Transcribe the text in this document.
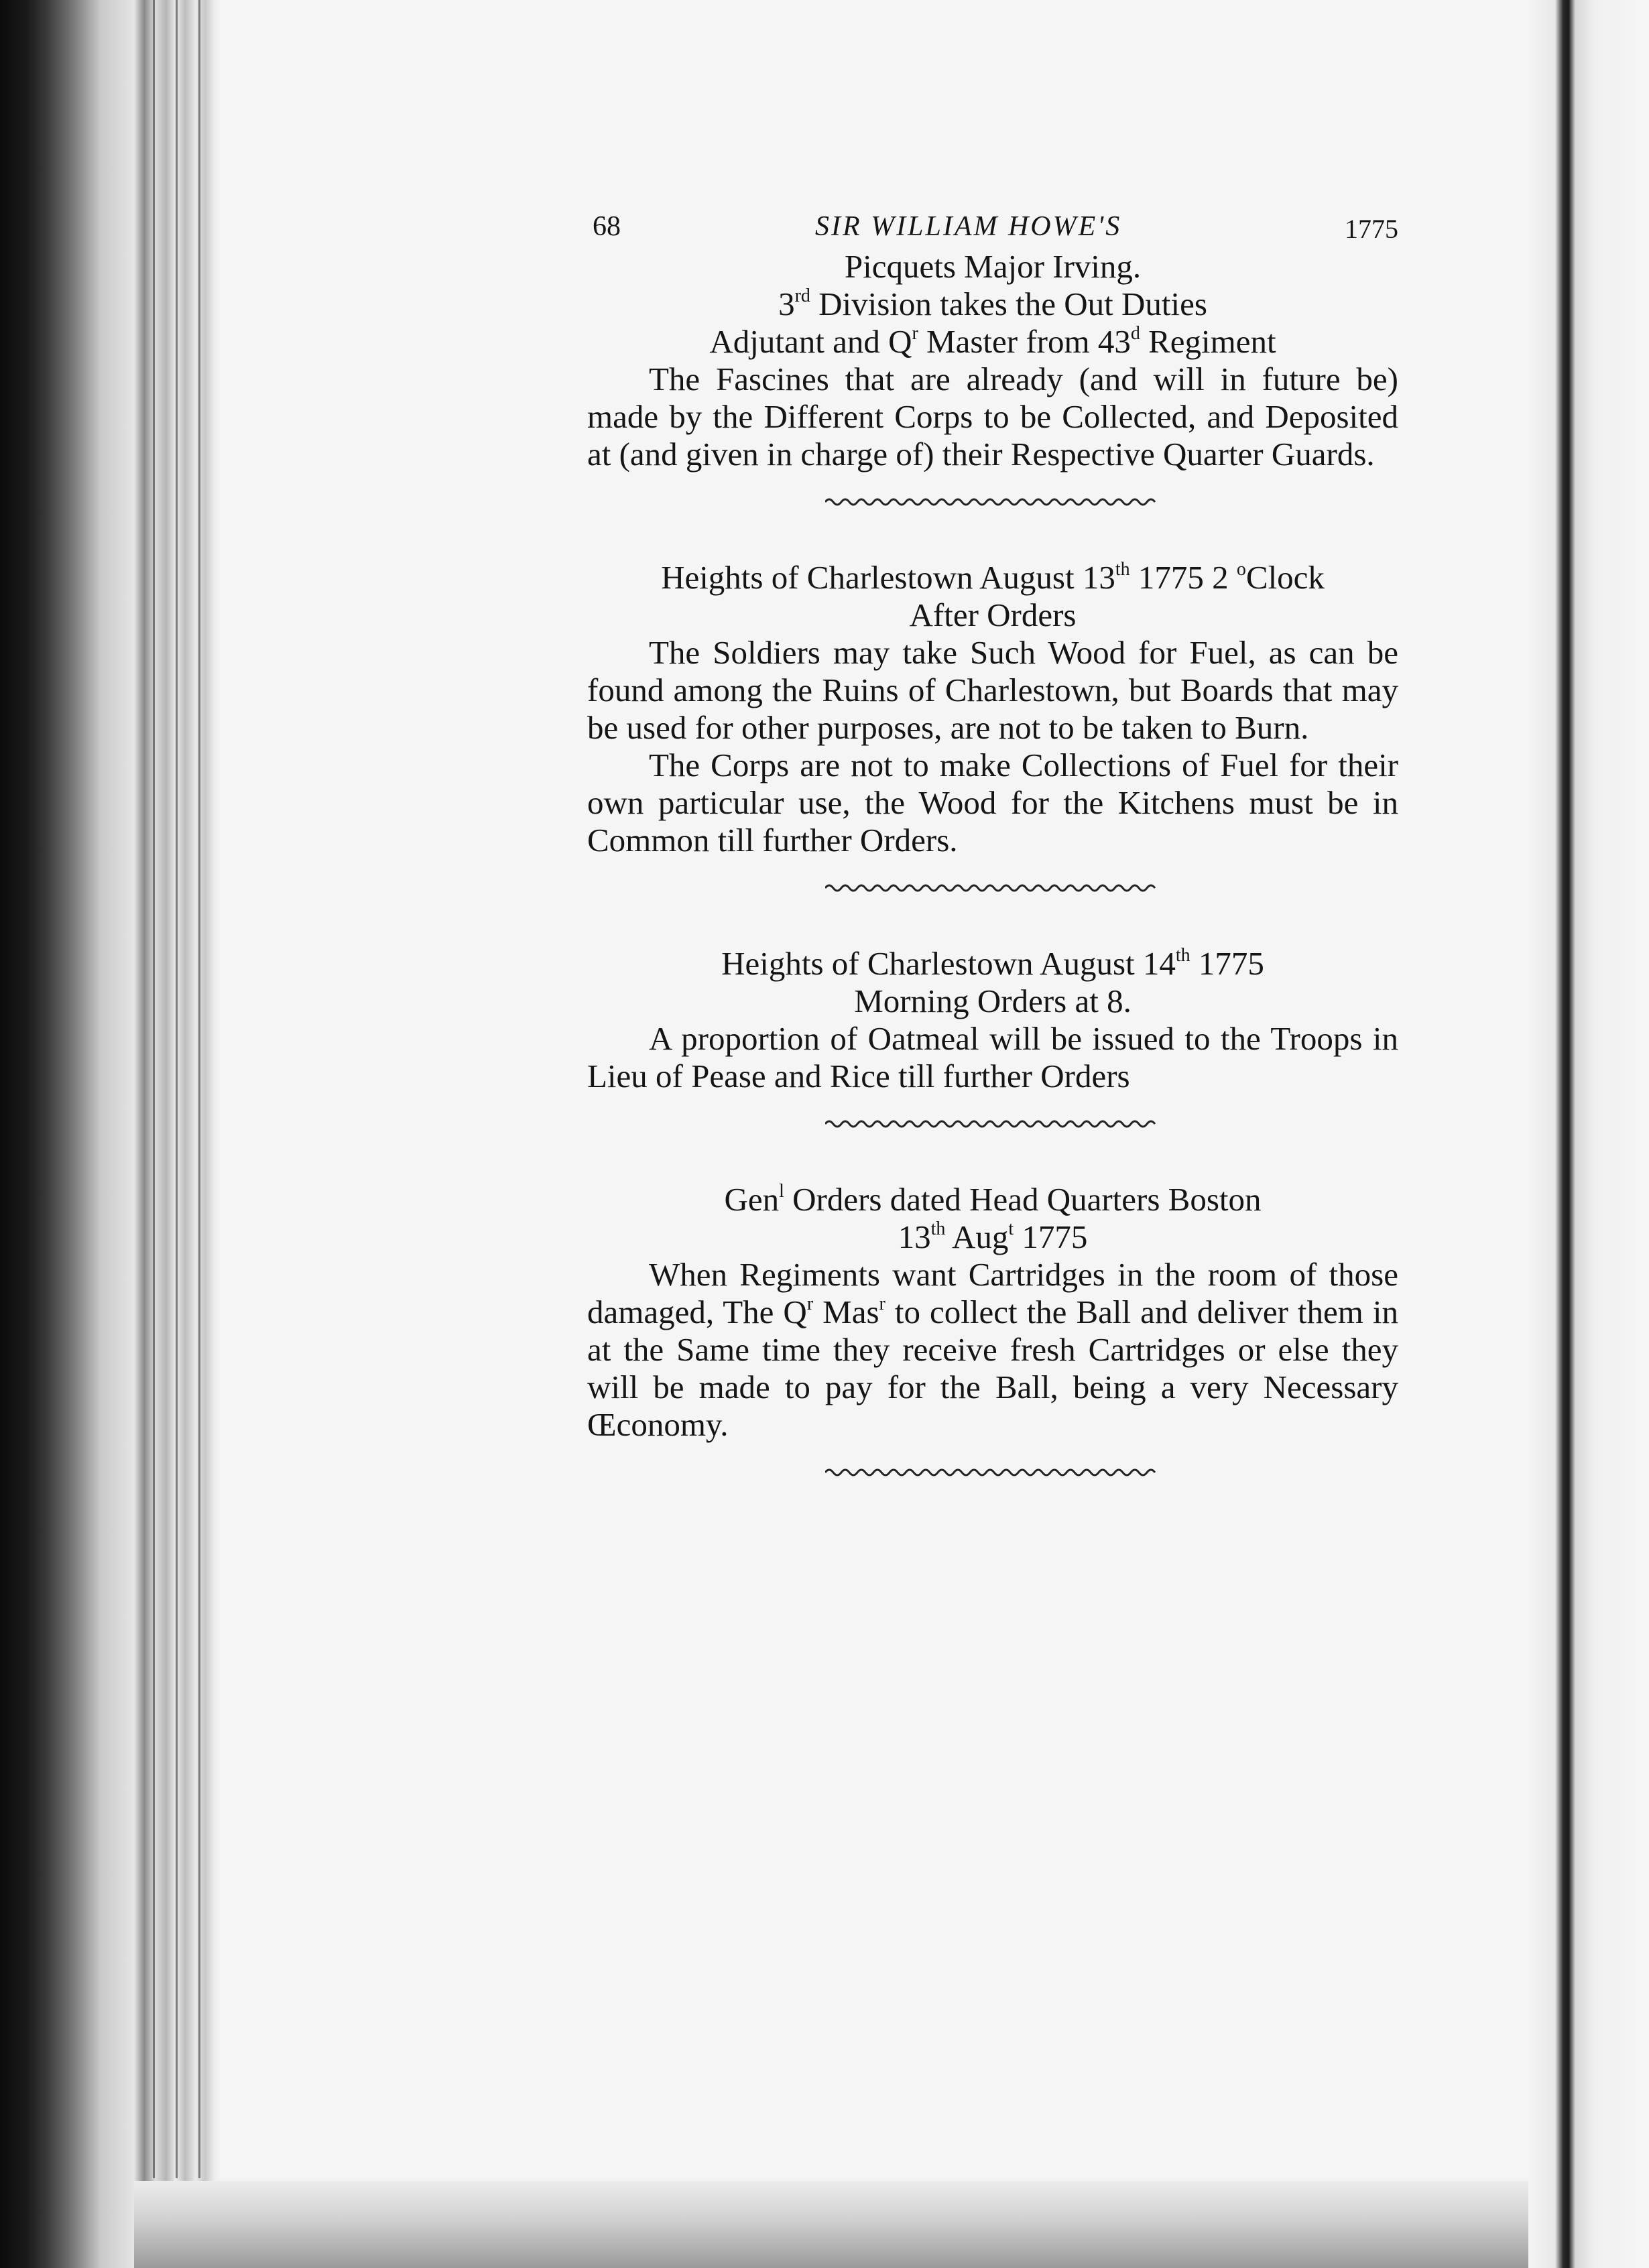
68	SIR WILLIAM HOWE'S	1775
Picquets Major Irving.
3rd Division takes the Out Duties
Adjutant and $Q^r$ Master from 43$^d$ Regiment
The Fascines that are already (and will in future be) made by the Different Corps to be Collected, and Deposited at (and given in charge of) their Respective Quarter Guards.
Heights of Charlestown August 13th 1775 2 $^o$Clock
After Orders
The Soldiers may take Such Wood for Fuel, as can be found among the Ruins of Charlestown, but Boards that may be used for other purposes, are not to be taken to Burn.
The Corps are not to make Collections of Fuel for their own particular use, the Wood for the Kitchens must be in Common till further Orders.
Heights of Charlestown August 14th 1775
Morning Orders at 8.
A proportion of Oatmeal will be issued to the Troops in Lieu of Pease and Rice till further Orders
Gen$^l$ Orders dated Head Quarters Boston
13th Aug$^t$ 1775
When Regiments want Cartridges in the room of those damaged, The $Q^r$ Mas$^r$ to collect the Ball and deliver them in at the Same time they receive fresh Cartridges or else they will be made to pay for the Ball, being a very Necessary Œconomy.
